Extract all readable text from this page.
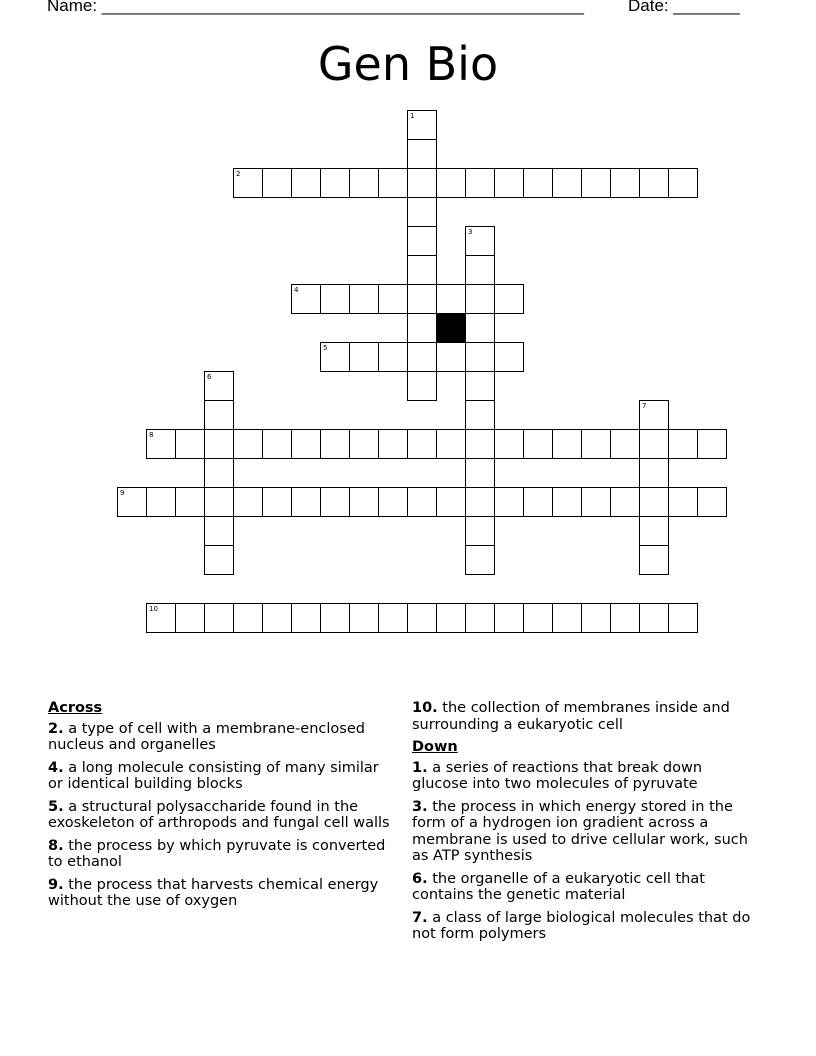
Name: ___________________________________________________	Date: _______
Gen Bio
1
2
3
4
5
6
7
8
9
10
Across
2. a type of cell with a membrane-enclosed nucleus and organelles
4. a long molecule consisting of many similar or identical building blocks
5. a structural polysaccharide found in the exoskeleton of arthropods and fungal cell walls
8. the process by which pyruvate is converted to ethanol
9. the process that harvests chemical energy without the use of oxygen
10. the collection of membranes inside and surrounding a eukaryotic cell
Down
1. a series of reactions that break down glucose into two molecules of pyruvate
3. the process in which energy stored in the form of a hydrogen ion gradient across a membrane is used to drive cellular work, such as ATP synthesis
6. the organelle of a eukaryotic cell that contains the genetic material
7. a class of large biological molecules that do not form polymers
